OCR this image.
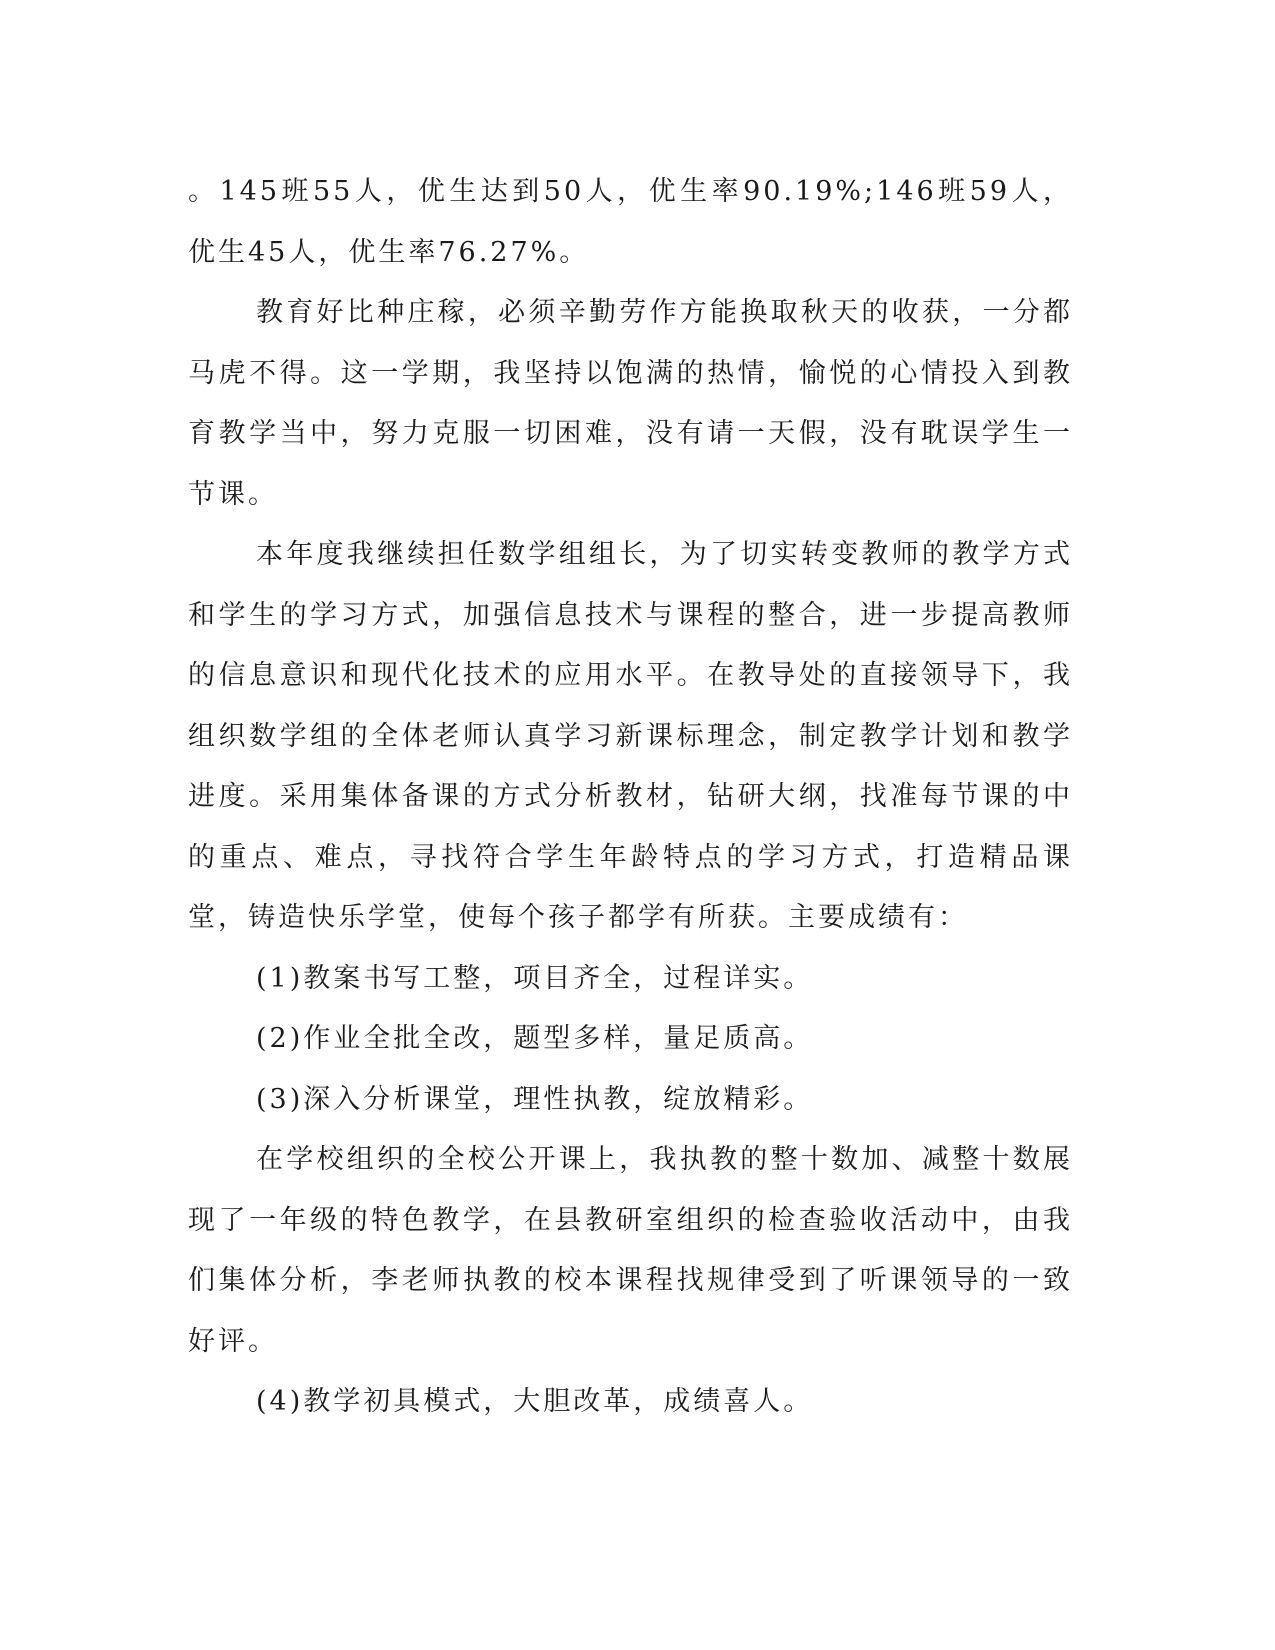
。145班55人，优生达到50人，优生率90.19%;146班59人，优生45人，优生率76.27%。

教育好比种庄稼，必须辛勤劳作方能换取秋天的收获，一分都马虎不得。这一学期，我坚持以饱满的热情，愉悦的心情投入到教育教学当中，努力克服一切困难，没有请一天假，没有耽误学生一节课。

本年度我继续担任数学组组长，为了切实转变教师的教学方式和学生的学习方式，加强信息技术与课程的整合，进一步提高教师的信息意识和现代化技术的应用水平。在教导处的直接领导下，我组织数学组的全体老师认真学习新课标理念，制定教学计划和教学进度。采用集体备课的方式分析教材，钻研大纲，找准每节课的中的重点、难点，寻找符合学生年龄特点的学习方式，打造精品课堂，铸造快乐学堂，使每个孩子都学有所获。主要成绩有：

(1)教案书写工整，项目齐全，过程详实。

(2)作业全批全改，题型多样，量足质高。

(3)深入分析课堂，理性执教，绽放精彩。

在学校组织的全校公开课上，我执教的整十数加、减整十数展现了一年级的特色教学，在县教研室组织的检查验收活动中，由我们集体分析，李老师执教的校本课程找规律受到了听课领导的一致好评。

(4)教学初具模式，大胆改革，成绩喜人。
